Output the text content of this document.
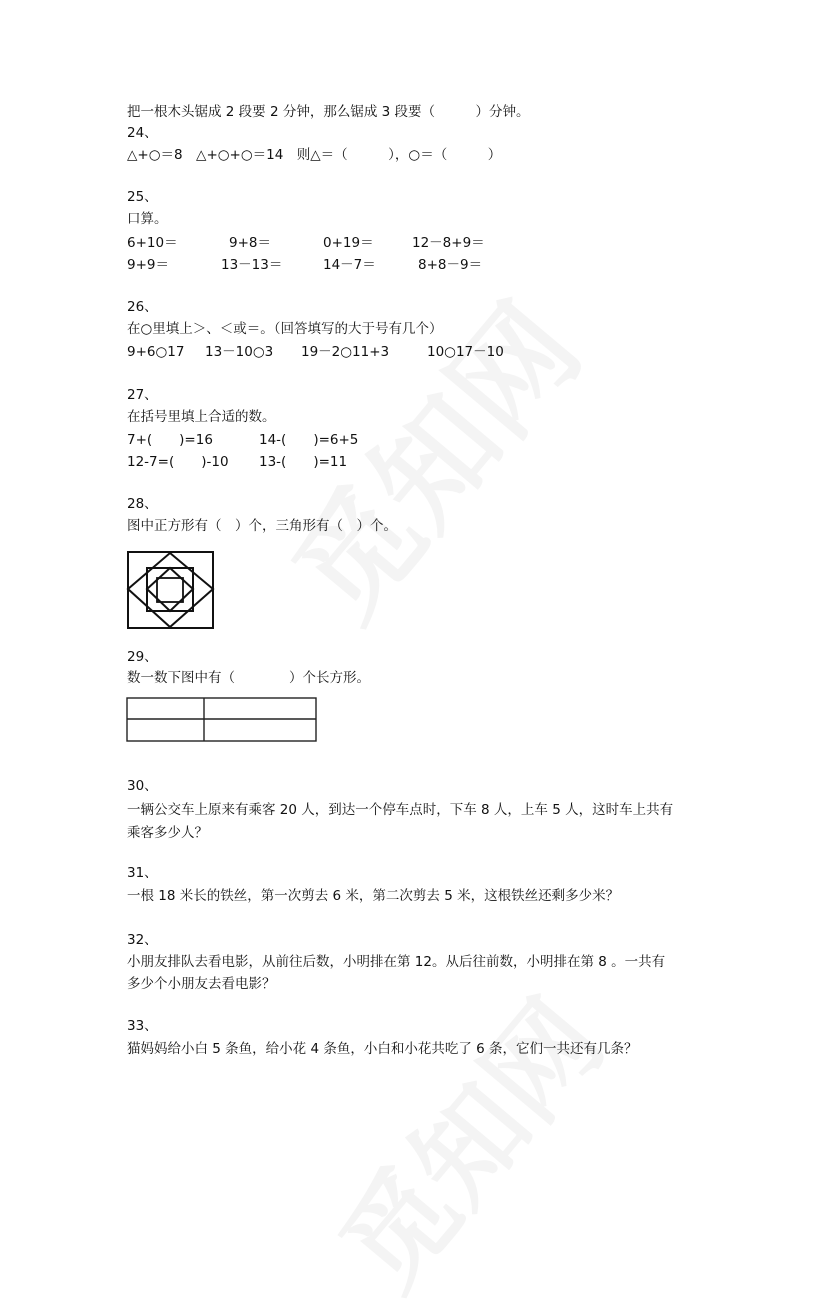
把一根木头锯成 2 段要 2 分钟，那么锯成 3 段要（　　　）分钟。
24、
△+○＝8　△+○+○＝14　则△＝（　　　），○＝（　　　）
25、
口算。
6+10＝	9+8＝	0+19＝	12－8+9＝
9+9＝	13－13＝	14－7＝	8+8－9＝
26、
在○里填上＞、＜或＝。（回答填写的大于号有几个）
9+6○17 13－10○3 19－2○11+3	10○17－10
27、
在括号里填上合适的数。
7+(　　)=16	14-(　　)=6+5
12-7=(　　)-10 13-(　　)=11
28、
图中正方形有（　）个，三角形有（　）个。
29、
数一数下图中有（　　　　）个长方形。
30、
一辆公交车上原来有乘客 20 人，到达一个停车点时，下车 8 人，上车 5 人，这时车上共有
乘客多少人？
31、
一根 18 米长的铁丝，第一次剪去 6 米，第二次剪去 5 米，这根铁丝还剩多少米？
32、
小朋友排队去看电影，从前往后数，小明排在第 12。从后往前数，小明排在第 8 。一共有
多少个小朋友去看电影？
33、
猫妈妈给小白 5 条鱼，给小花 4 条鱼，小白和小花共吃了 6 条，它们一共还有几条？
